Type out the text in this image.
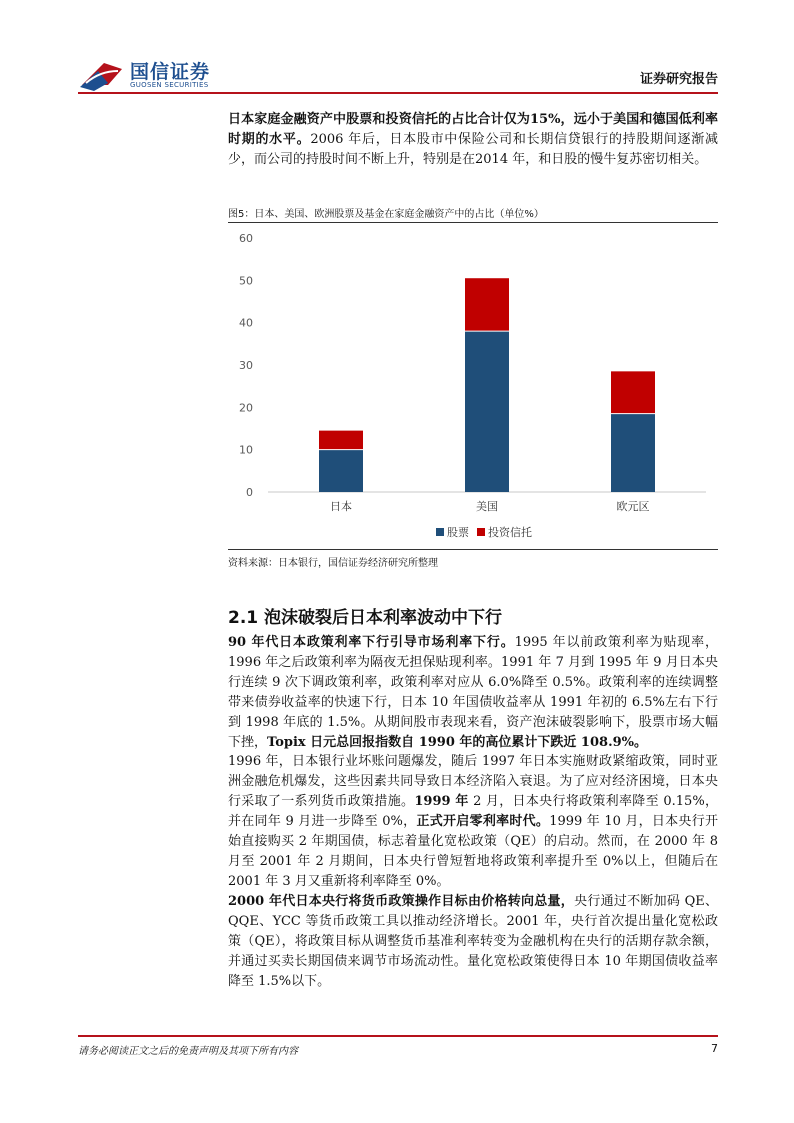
国信证券
GUOSEN SECURITIES	证券研究报告

日本家庭金融资产中股票和投资信托的占比合计仅为15%，远小于美国和德国低利率时期的水平。2006 年后，日本股市中保险公司和长期信贷银行的持股期间逐渐减少，而公司的持股时间不断上升，特别是在2014 年，和日股的慢牛复苏密切相关。

图5：日本、美国、欧洲股票及基金在家庭金融资产中的占比（单位%）
0
10
20
30
40
50
60
日本	美国	欧元区
股票 投资信托
资料来源：日本银行，国信证券经济研究所整理
2.1 泡沫破裂后日本利率波动中下行

90 年代日本政策利率下行引导市场利率下行。1995 年以前政策利率为贴现率，1996 年之后政策利率为隔夜无担保贴现利率。1991 年 7 月到 1995 年 9 月日本央行连续 9 次下调政策利率，政策利率对应从 6.0%降至 0.5%。政策利率的连续调整带来债券收益率的快速下行，日本 10 年国债收益率从 1991 年初的 6.5%左右下行到 1998 年底的 1.5%。从期间股市表现来看，资产泡沫破裂影响下，股票市场大幅下挫，Topix 日元总回报指数自 1990 年的高位累计下跌近 108.9%。

1996 年，日本银行业坏账问题爆发，随后 1997 年日本实施财政紧缩政策，同时亚洲金融危机爆发，这些因素共同导致日本经济陷入衰退。为了应对经济困境，日本央行采取了一系列货币政策措施。1999 年 2 月，日本央行将政策利率降至 0.15%，并在同年 9 月进一步降至 0%，正式开启零利率时代。1999 年 10 月，日本央行开始直接购买 2 年期国债，标志着量化宽松政策（QE）的启动。然而，在 2000 年 8 月至 2001 年 2 月期间，日本央行曾短暂地将政策利率提升至 0%以上，但随后在 2001 年 3 月又重新将利率降至 0%。

2000 年代日本央行将货币政策操作目标由价格转向总量，央行通过不断加码 QE、QQE、YCC 等货币政策工具以推动经济增长。2001 年，央行首次提出量化宽松政策（QE），将政策目标从调整货币基准利率转变为金融机构在央行的活期存款余额，并通过买卖长期国债来调节市场流动性。量化宽松政策使得日本 10 年期国债收益率降至 1.5%以下。

请务必阅读正文之后的免责声明及其项下所有内容	7
